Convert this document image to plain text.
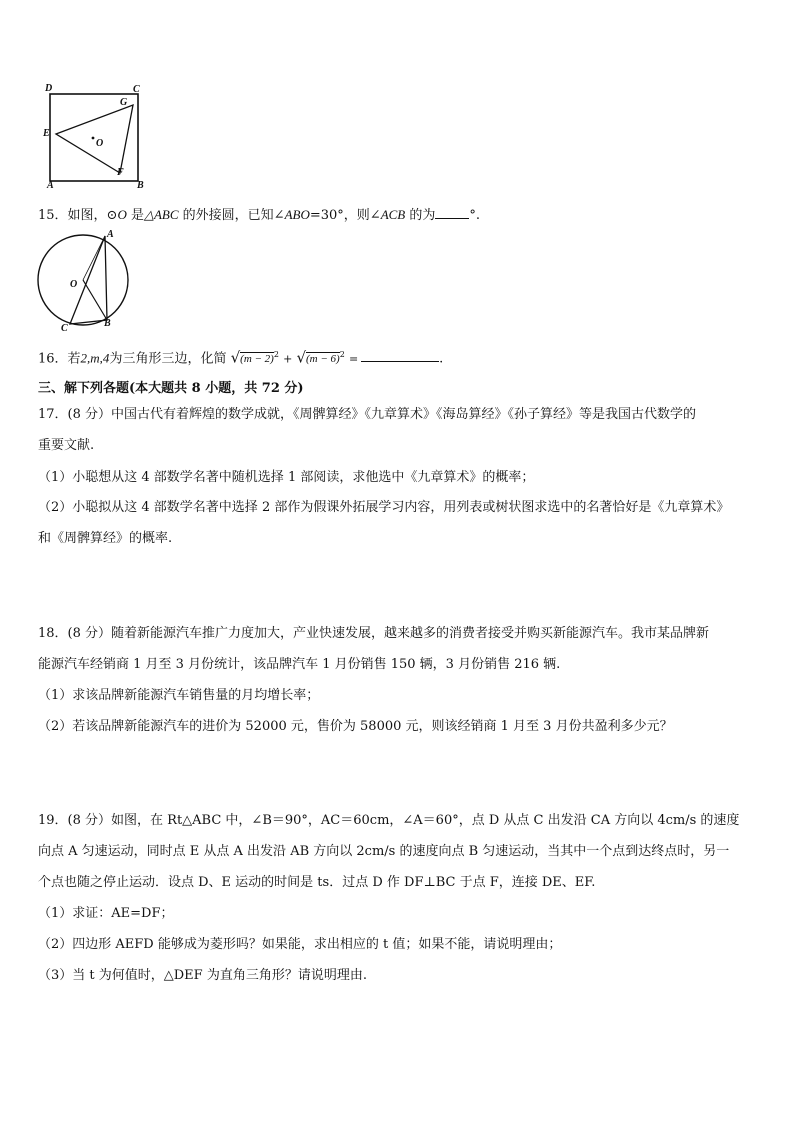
D	C
G
E
O
A
F
B
15．如图，⊙O 是△ABC 的外接圆，已知∠ABO=30°，则∠ACB 的为	°.
A
O
C	B
16．若2,m,4为三角形三边，化简 $√(m - 2)^2 + √(m - 6)^2$ =	.
三、解下列各题(本大题共 8 小题，共 72 分)
17．(8 分）中国古代有着辉煌的数学成就，《周髀算经》《九章算术》《海岛算经》《孙子算经》等是我国古代数学的
重要文献.
（1）小聪想从这 4 部数学名著中随机选择 1 部阅读，求他选中《九章算术》的概率；
（2）小聪拟从这 4 部数学名著中选择 2 部作为假课外拓展学习内容，用列表或树状图求选中的名著恰好是《九章算术》
和《周髀算经》的概率.
18．(8 分）随着新能源汽车推广力度加大，产业快速发展，越来越多的消费者接受并购买新能源汽车。我市某品牌新
能源汽车经销商 1 月至 3 月份统计，该品牌汽车 1 月份销售 150 辆，3 月份销售 216 辆.
（1）求该品牌新能源汽车销售量的月均增长率；
（2）若该品牌新能源汽车的进价为 52000 元，售价为 58000 元，则该经销商 1 月至 3 月份共盈利多少元？
19．(8 分）如图，在 Rt△ABC 中，∠B＝90°，AC＝60cm，∠A＝60°，点 D 从点 C 出发沿 CA 方向以 4cm/s 的速度
向点 A 匀速运动，同时点 E 从点 A 出发沿 AB 方向以 2cm/s 的速度向点 B 匀速运动，当其中一个点到达终点时，另一
个点也随之停止运动．设点 D、E 运动的时间是 ts．过点 D 作 DF⊥BC 于点 F，连接 DE、EF.
（1）求证：AE=DF；
（2）四边形 AEFD 能够成为菱形吗？如果能，求出相应的 t 值；如果不能，请说明理由；
（3）当 t 为何值时，△DEF 为直角三角形？请说明理由.
